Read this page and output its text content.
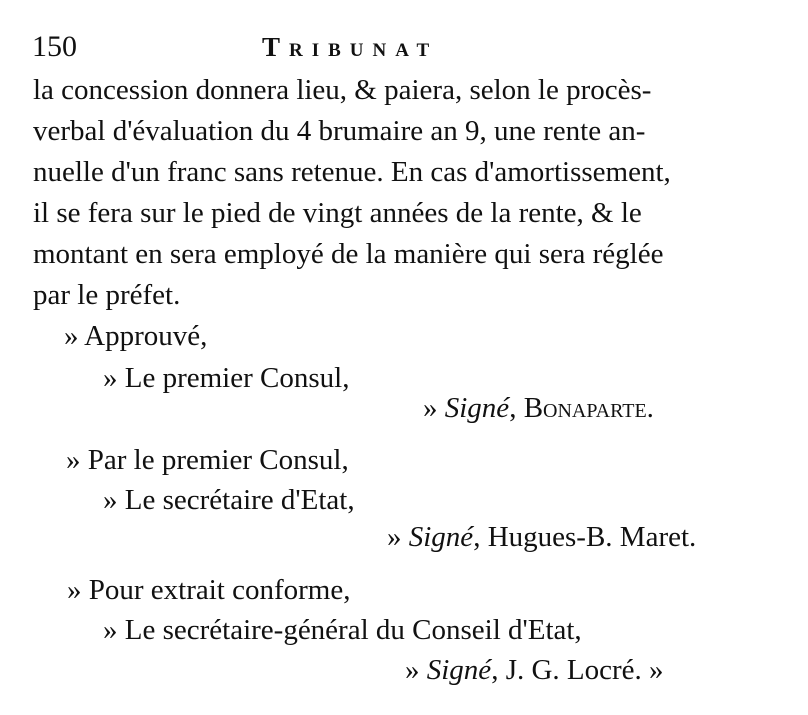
150	Tribunat
la concession donnera lieu, & paiera, selon le procès-
verbal d'évaluation du 4 brumaire an 9, une rente an-
nuelle d'un franc sans retenue. En cas d'amortissement,
il se fera sur le pied de vingt années de la rente, & le
montant en sera employé de la manière qui sera réglée
par le préfet.
» Approuvé,
» Le premier Consul,
» Signé, Bonaparte.
» Par le premier Consul,
» Le secrétaire d'Etat,
» Signé, Hugues-B. Maret.
» Pour extrait conforme,
» Le secrétaire-général du Conseil d'Etat,
» Signé, J. G. Locré. »
